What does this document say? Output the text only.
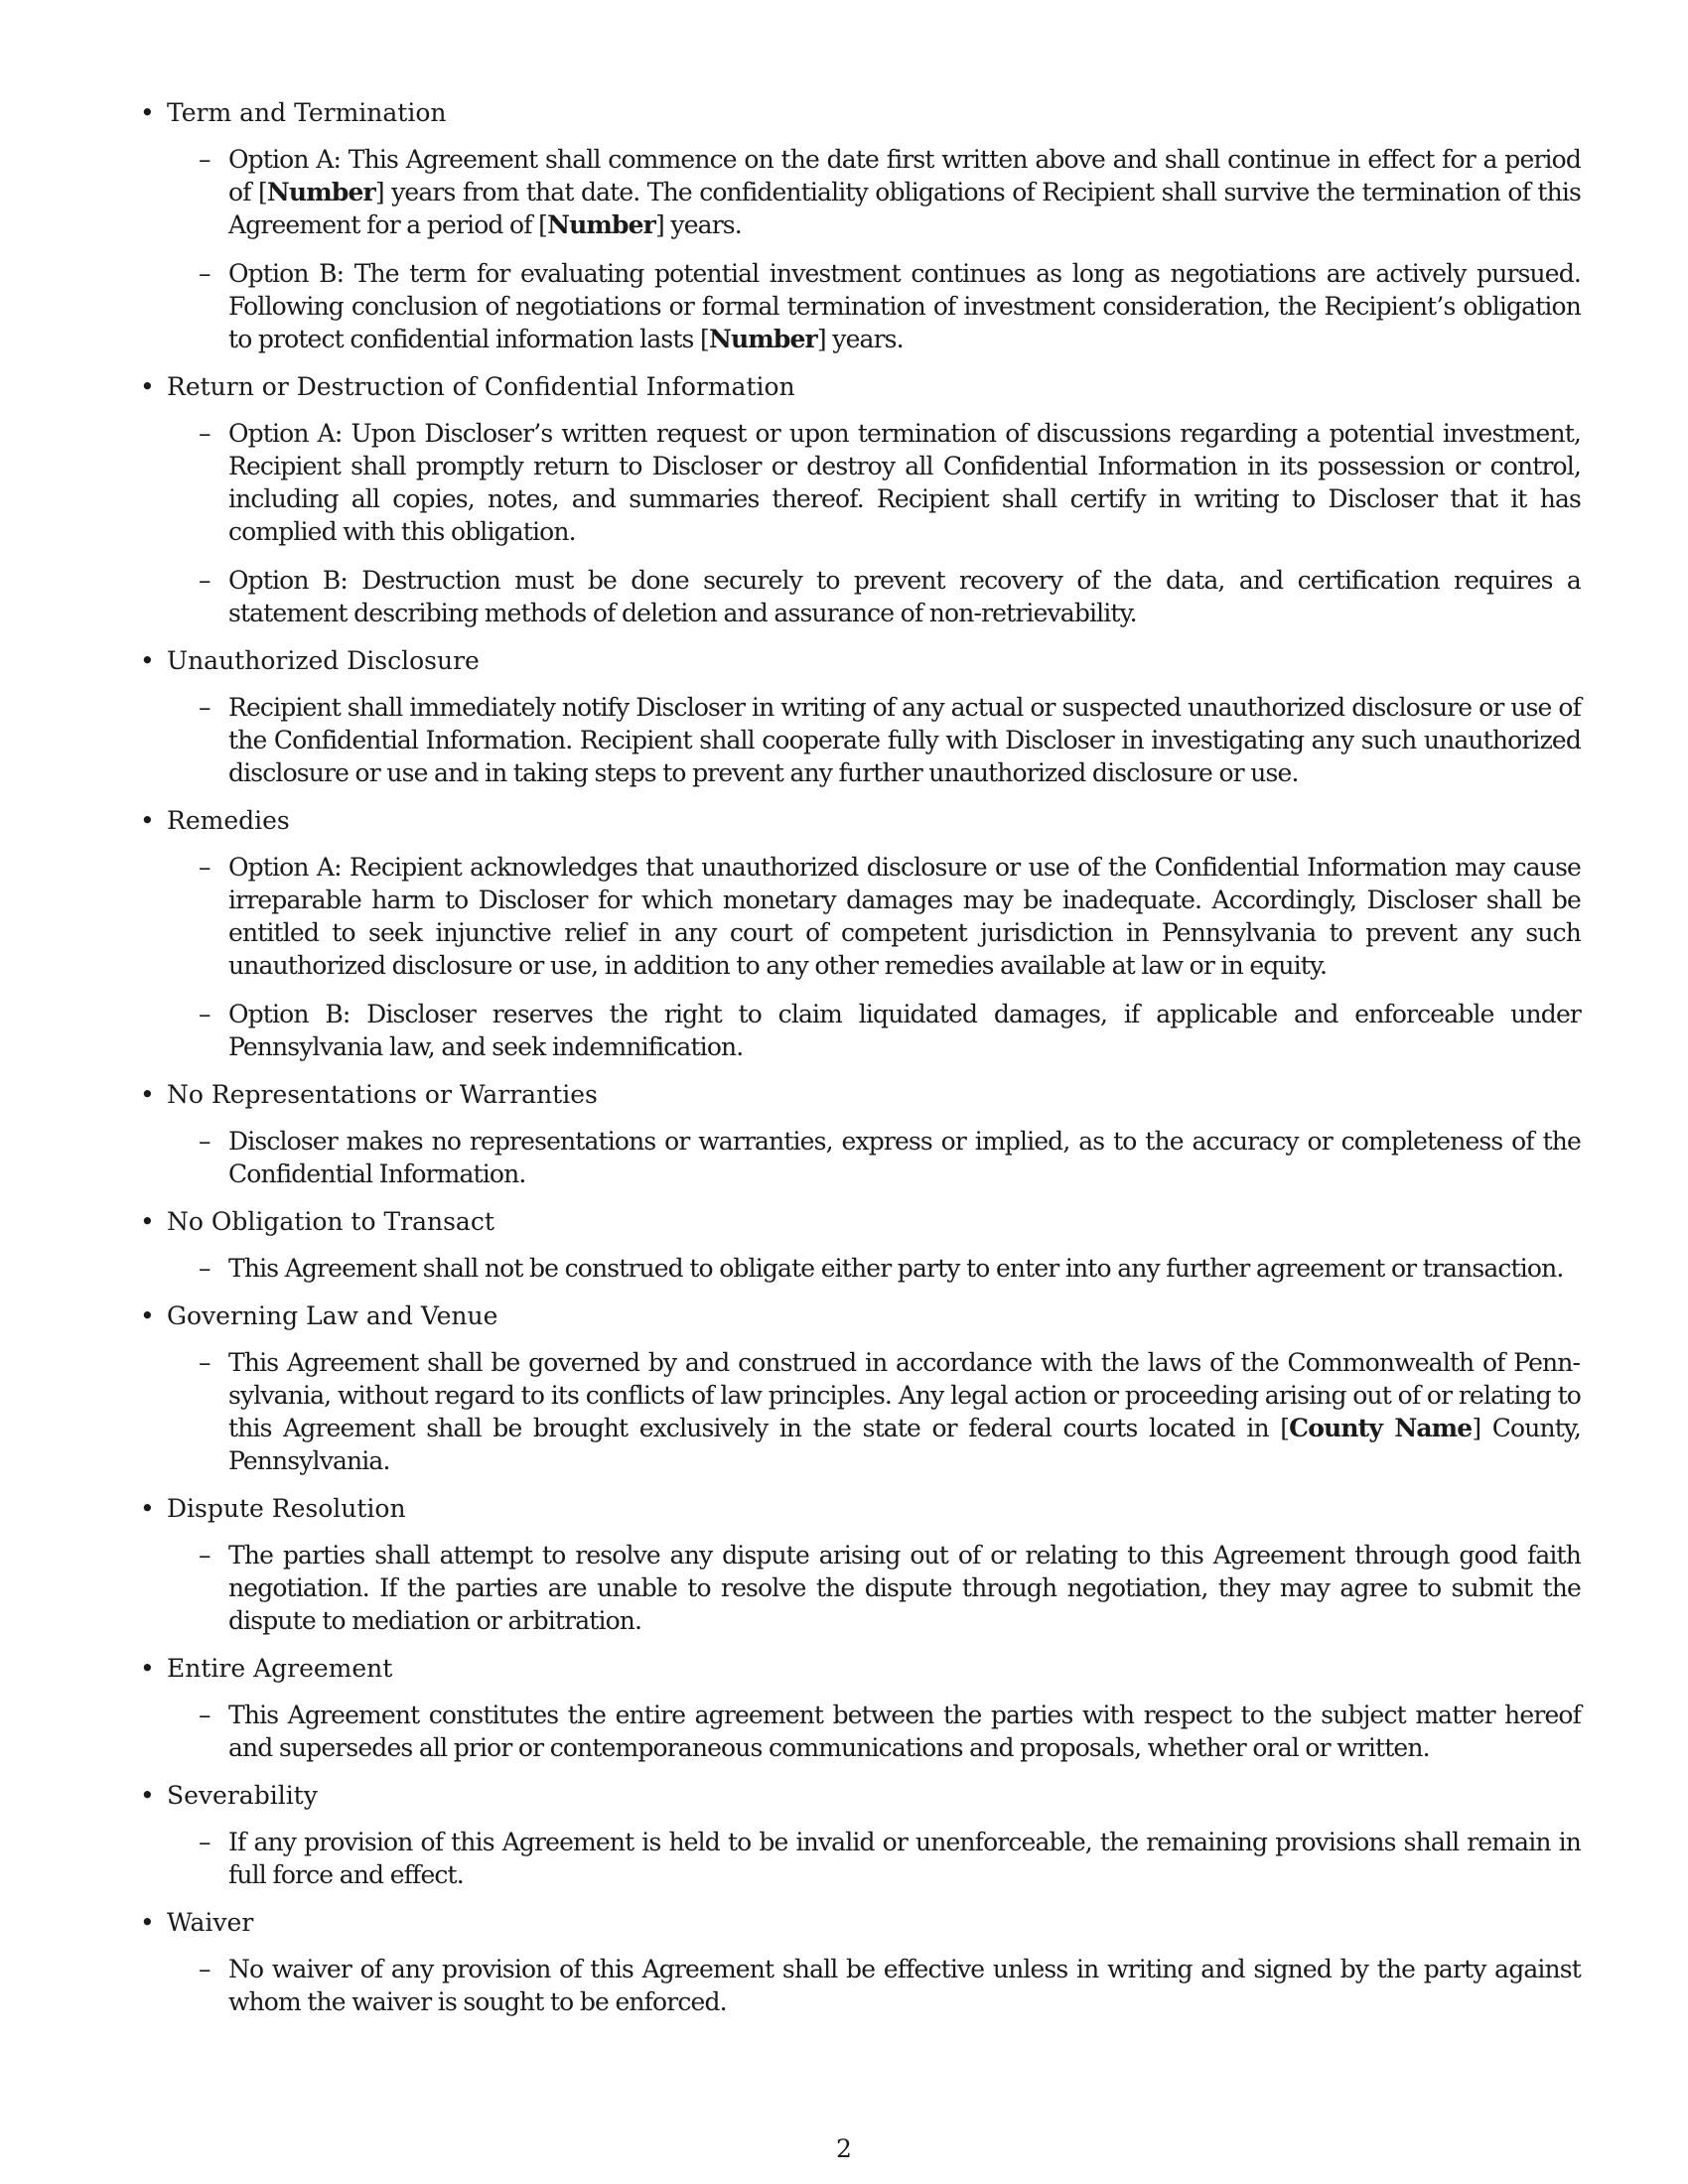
• Term and Termination
– Option A: This Agreement shall commence on the date first written above and shall continue in effect for a period of [Number] years from that date. The confidentiality obligations of Recipient shall survive the termination of this Agreement for a period of [Number] years.
– Option B: The term for evaluating potential investment continues as long as negotiations are actively pursued. Following conclusion of negotiations or formal termination of investment consideration, the Recipient’s obligation to protect confidential information lasts [Number] years.
• Return or Destruction of Confidential Information
– Option A: Upon Discloser’s written request or upon termination of discussions regarding a potential investment, Recipient shall promptly return to Discloser or destroy all Confidential Information in its possession or control, including all copies, notes, and summaries thereof. Recipient shall certify in writing to Discloser that it has complied with this obligation.
– Option B: Destruction must be done securely to prevent recovery of the data, and certification requires a statement describing methods of deletion and assurance of non-retrievability.
• Unauthorized Disclosure
– Recipient shall immediately notify Discloser in writing of any actual or suspected unauthorized disclosure or use of the Confidential Information. Recipient shall cooperate fully with Discloser in investigating any such unauthorized disclosure or use and in taking steps to prevent any further unauthorized disclosure or use.
• Remedies
– Option A: Recipient acknowledges that unauthorized disclosure or use of the Confidential Information may cause irreparable harm to Discloser for which monetary damages may be inadequate. Accordingly, Discloser shall be entitled to seek injunctive relief in any court of competent jurisdiction in Pennsylvania to prevent any such unauthorized disclosure or use, in addition to any other remedies available at law or in equity.
– Option B: Discloser reserves the right to claim liquidated damages, if applicable and enforceable under Pennsylvania law, and seek indemnification.
• No Representations or Warranties
– Discloser makes no representations or warranties, express or implied, as to the accuracy or completeness of the Confidential Information.
• No Obligation to Transact
– This Agreement shall not be construed to obligate either party to enter into any further agreement or transaction.
• Governing Law and Venue
– This Agreement shall be governed by and construed in accordance with the laws of the Commonwealth of Pennsylvania, without regard to its conflicts of law principles. Any legal action or proceeding arising out of or relating to this Agreement shall be brought exclusively in the state or federal courts located in [County Name] County, Pennsylvania.
• Dispute Resolution
– The parties shall attempt to resolve any dispute arising out of or relating to this Agreement through good faith negotiation. If the parties are unable to resolve the dispute through negotiation, they may agree to submit the dispute to mediation or arbitration.
• Entire Agreement
– This Agreement constitutes the entire agreement between the parties with respect to the subject matter hereof and supersedes all prior or contemporaneous communications and proposals, whether oral or written.
• Severability
– If any provision of this Agreement is held to be invalid or unenforceable, the remaining provisions shall remain in full force and effect.
• Waiver
– No waiver of any provision of this Agreement shall be effective unless in writing and signed by the party against whom the waiver is sought to be enforced.
2
